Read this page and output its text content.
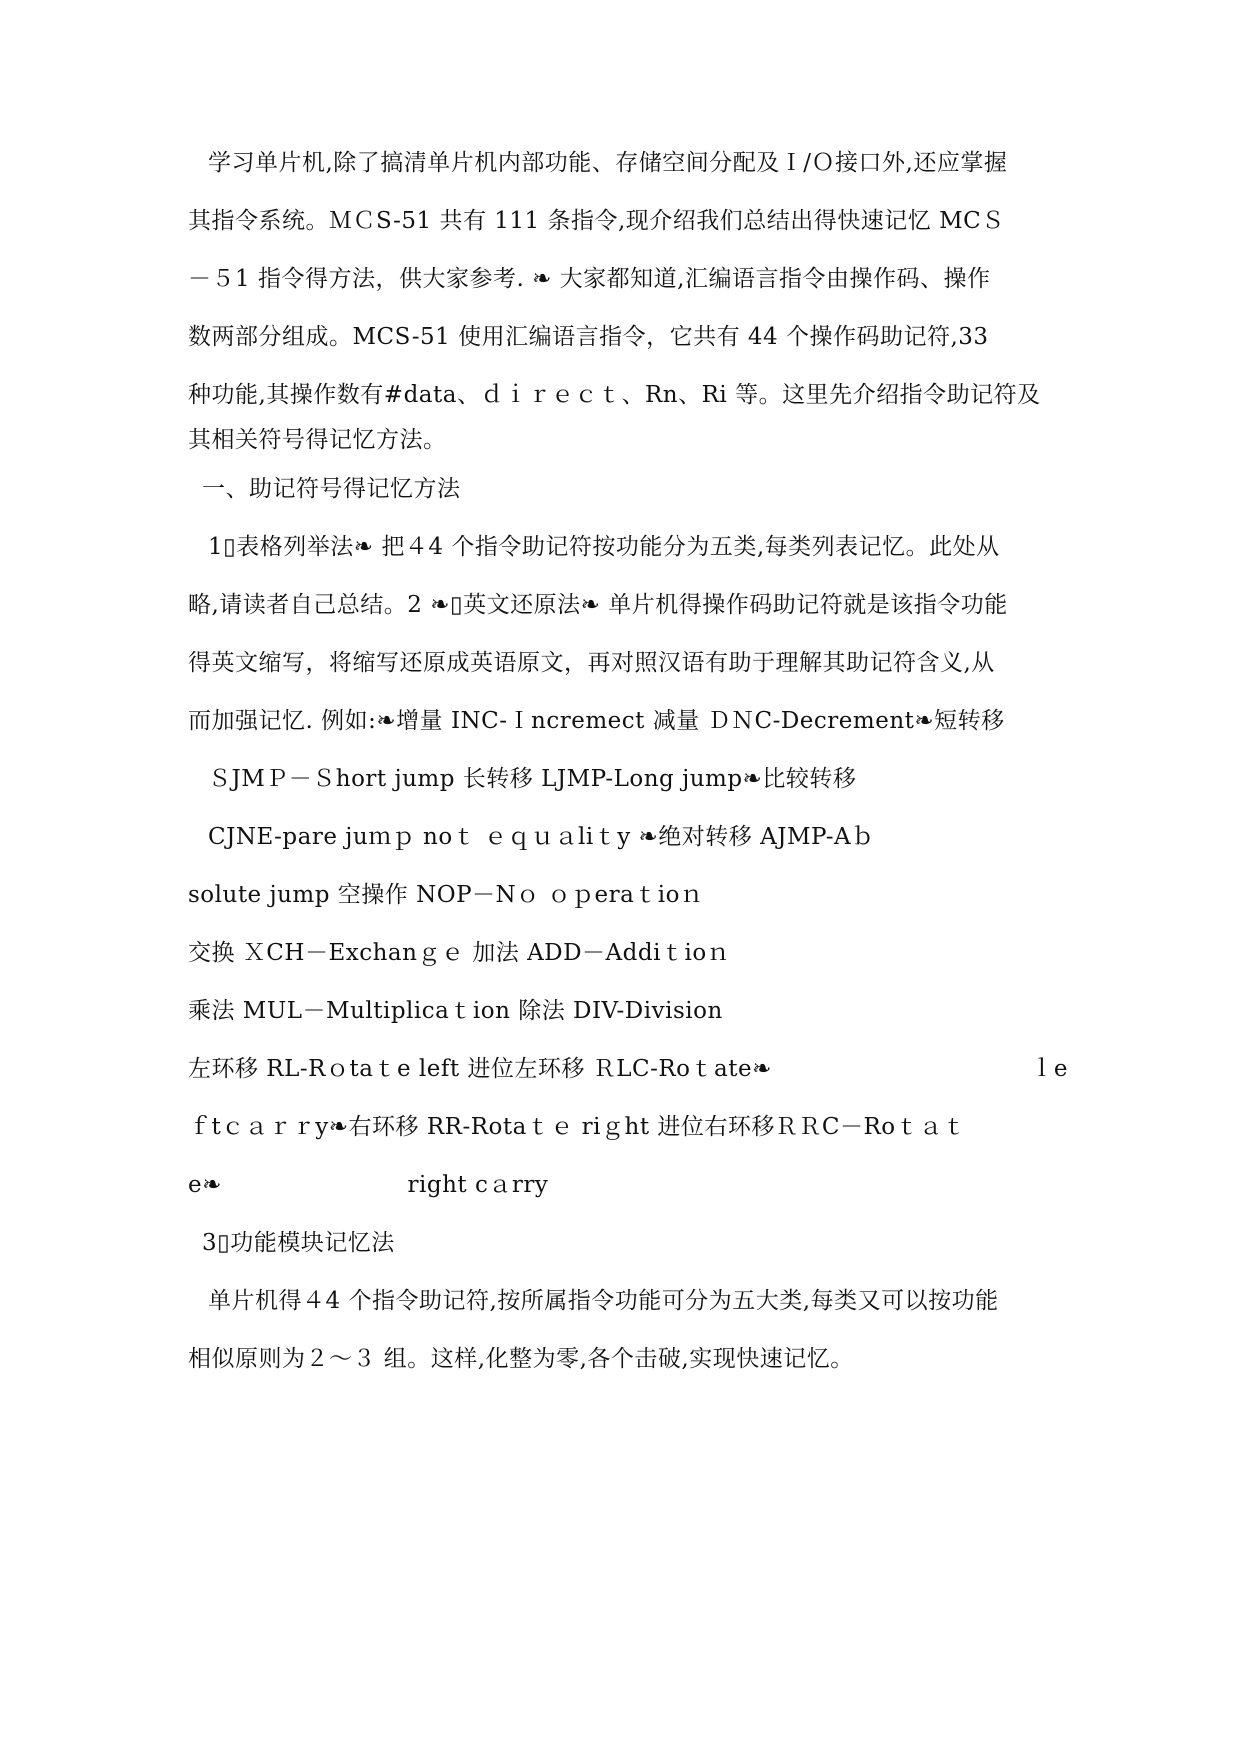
学习单片机,除了搞清单片机内部功能、存储空间分配及Ｉ/Ｏ接口外,还应掌握
其指令系统。ＭＣS-51 共有 111 条指令,现介绍我们总结出得快速记忆 MCＳ
－５1 指令得方法，供大家参考. ❧ 大家都知道,汇编语言指令由操作码、操作
数两部分组成。MCS-51 使用汇编语言指令，它共有 44 个操作码助记符,33
种功能,其操作数有#data、ｄｉｒｅｃｔ、Rn、Ri 等。这里先介绍指令助记符及
其相关符号得记忆方法。
一、助记符号得记忆方法
1▯表格列举法❧ 把４4 个指令助记符按功能分为五类,每类列表记忆。此处从
略,请读者自己总结。2 ❧▯英文还原法❧ 单片机得操作码助记符就是该指令功能
得英文缩写，将缩写还原成英语原文，再对照汉语有助于理解其助记符含义,从
而加强记忆. 例如:❧增量 INC-Ｉncremect 减量 ＤＮC-Decrement❧短转移
ＳJMＰ－Ｓhort jump 长转移 LJMP-Long jump❧比较转移
CJNE-pare juｍｐ noｔ ｅｑｕａliｔy ❧绝对转移 AJMP-Aｂ
solute jump 空操作 NOP－Nｏ ｏｐeraｔioｎ
交换 ＸCH－Exchanｇｅ 加法 ADD－Addiｔioｎ
乘法 MUL－Multiplicaｔion 除法 DIV-Division
左环移 RL-Rｏtaｔe left 进位左环移 ＲLC-Roｔate❧	ｌe
ｆtｃａｒｒy❧右环移 RR-Rotaｔｅ riｇht 进位右环移ＲＲC－Roｔａｔ
e❧	right cａrry
3▯功能模块记忆法
单片机得４4 个指令助记符,按所属指令功能可分为五大类,每类又可以按功能
相似原则为２～３ 组。这样,化整为零,各个击破,实现快速记忆。
